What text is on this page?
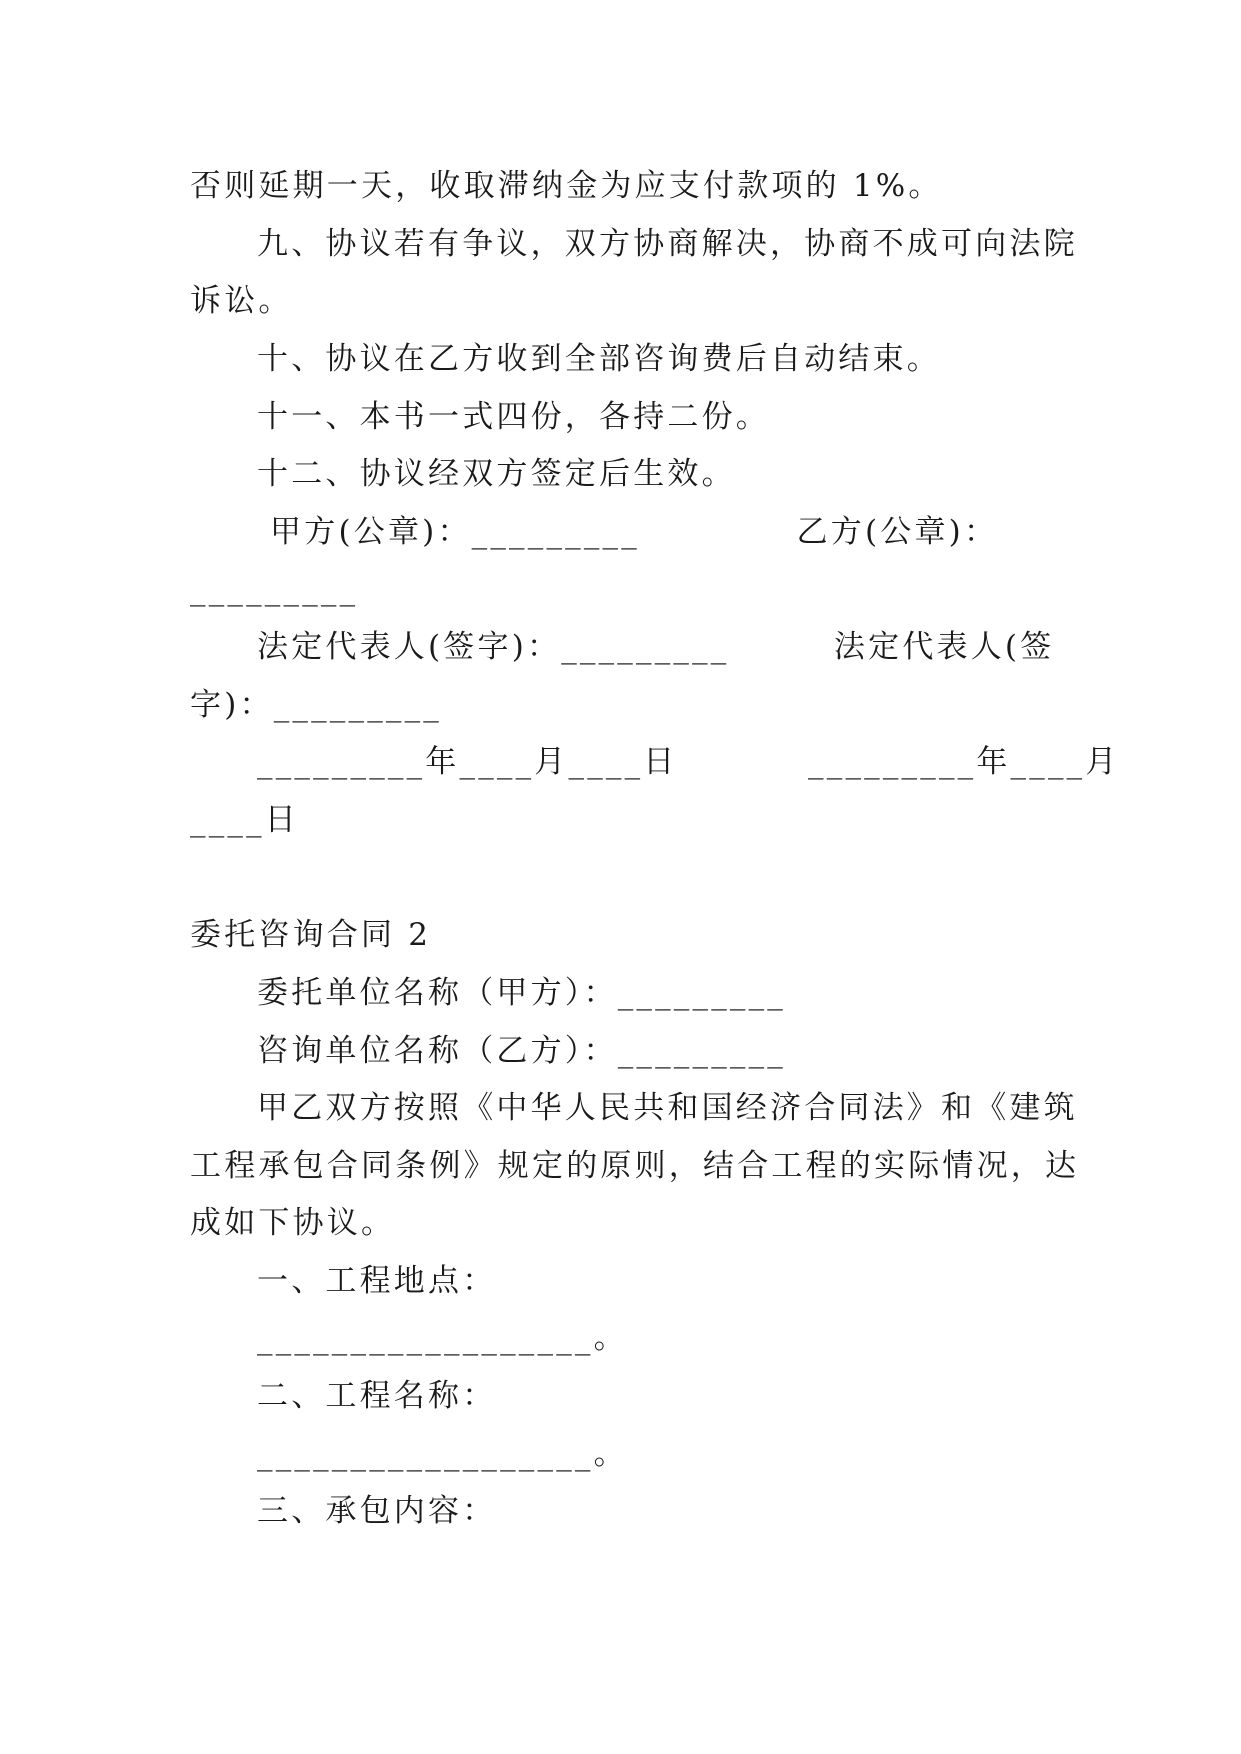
否则延期一天，收取滞纳金为应支付款项的 1%。

九、协议若有争议，双方协商解决，协商不成可向法院

诉讼。

十、协议在乙方收到全部咨询费后自动结束。

十一、本书一式四份，各持二份。

十二、协议经双方签定后生效。

甲方(公章)：_________            乙方(公章)：

_________

法定代表人(签字)：_________        法定代表人(签

字)：_________

_________年____月____日          _________年____月

____日

委托咨询合同 2

委托单位名称（甲方）：_________

咨询单位名称（乙方）：_________

甲乙双方按照《中华人民共和国经济合同法》和《建筑

工程承包合同条例》规定的原则，结合工程的实际情况，达

成如下协议。

一、工程地点：

__________________。

二、工程名称：

__________________。

三、承包内容：
